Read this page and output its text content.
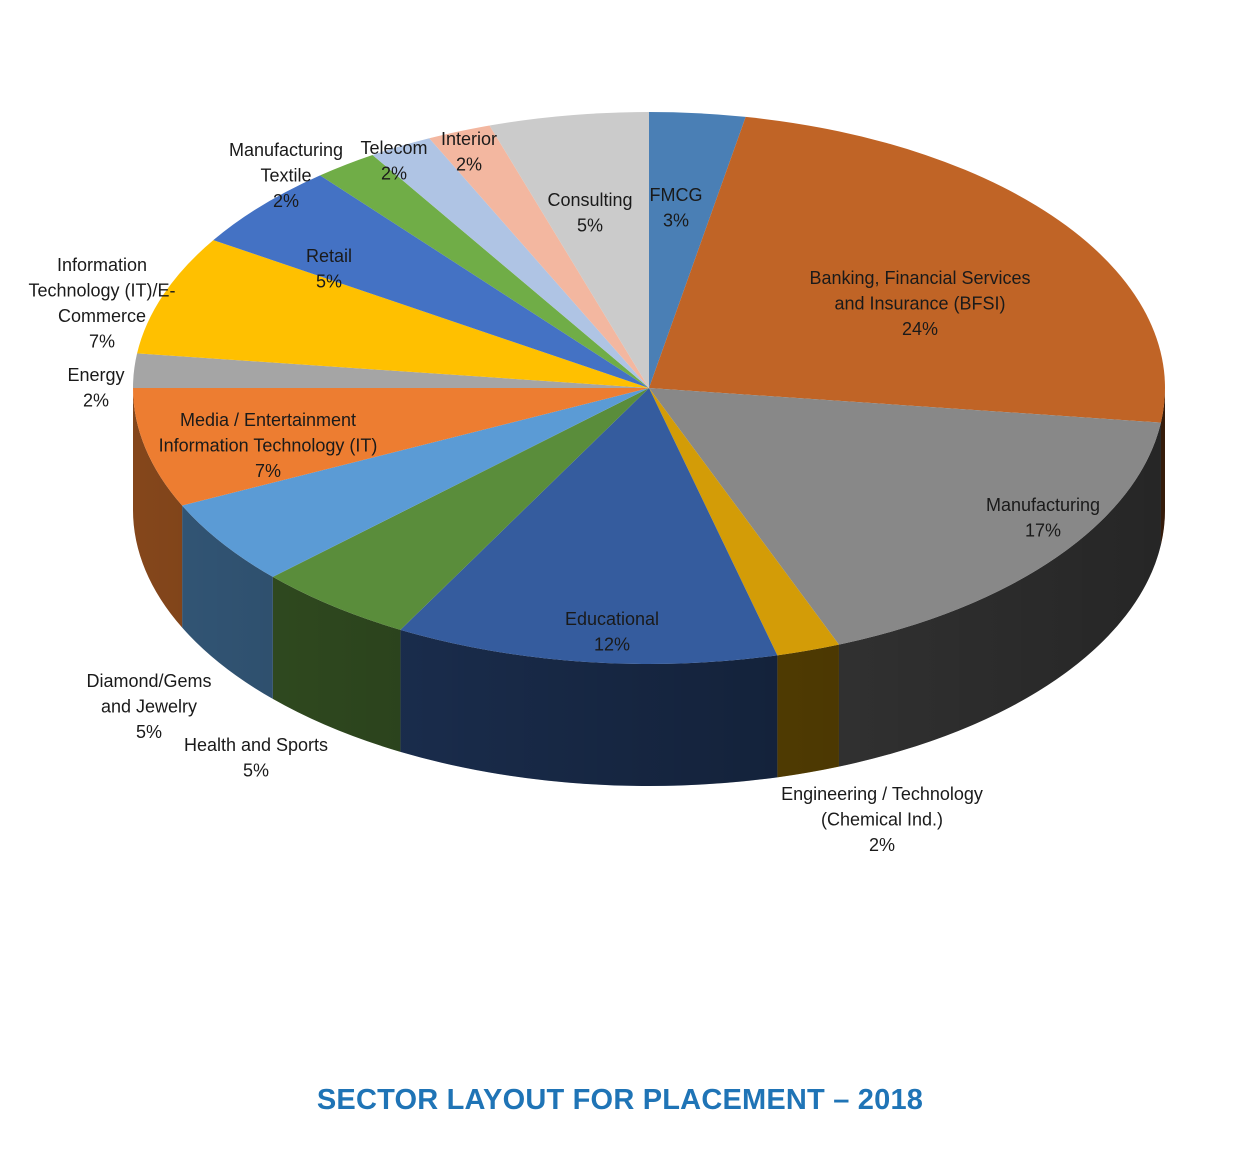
FMCG
3%
Banking, Financial Services
and Insurance (BFSI)
24%
Manufacturing
17%
Engineering / Technology
(Chemical Ind.)
2%
Educational
12%
Health and Sports
5%
Diamond/Gems
and Jewelry
5%
Media / Entertainment
Information Technology (IT)
7%
Energy
2%
Information
Technology (IT)/E-
Commerce
7%
Retail
5%
Manufacturing
Textile
2%
Telecom
2%
Interior
2%
Consulting
5%
SECTOR LAYOUT FOR PLACEMENT – 2018
